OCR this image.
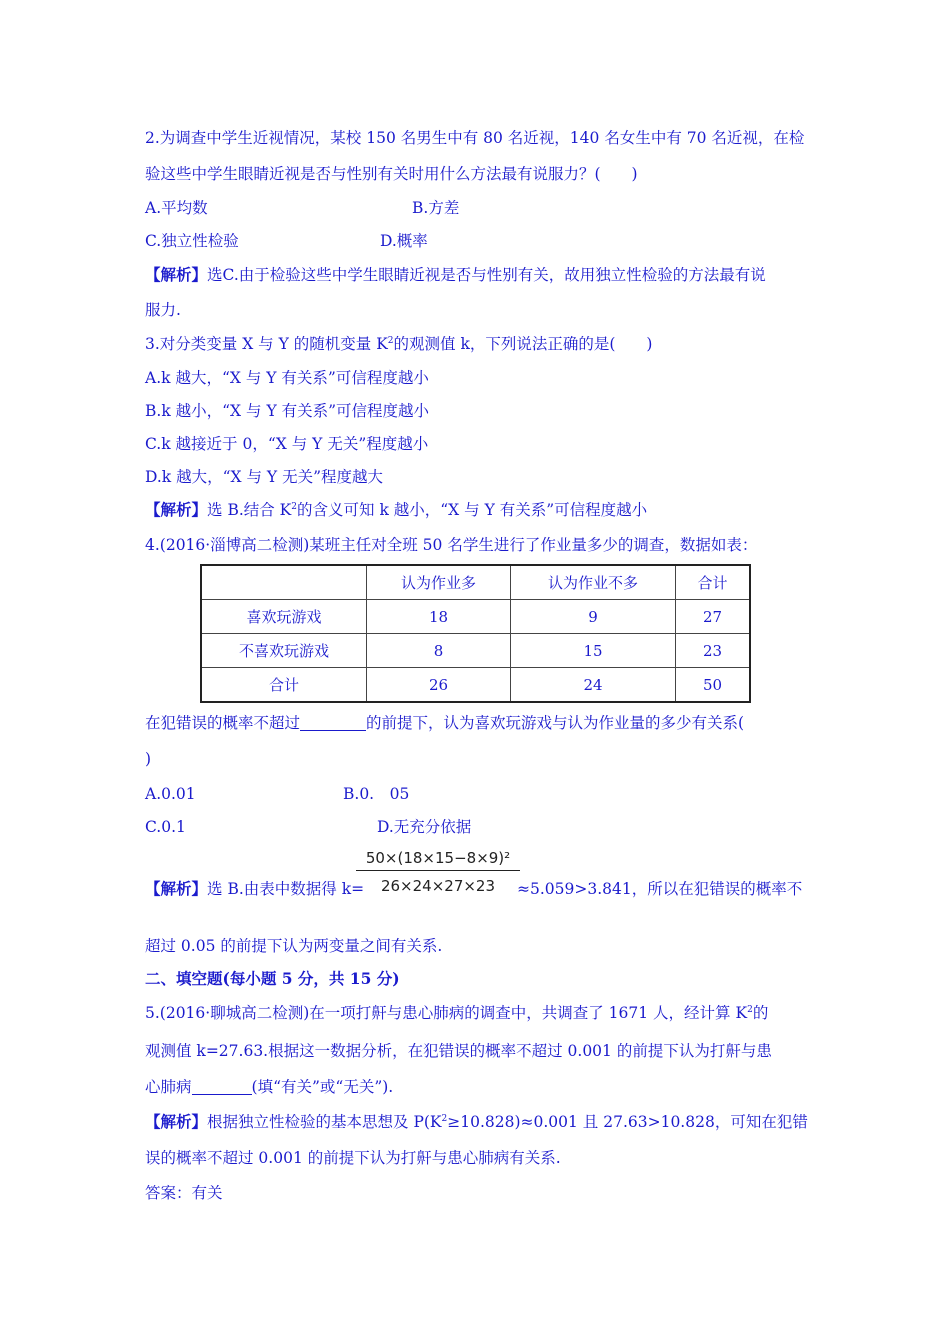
2.为调查中学生近视情况，某校 150 名男生中有 80 名近视，140 名女生中有 70 名近视，在检
验这些中学生眼睛近视是否与性别有关时用什么方法最有说服力？(　　)
A.平均数	B.方差
C.独立性检验	D.概率
【解析】选C.由于检验这些中学生眼睛近视是否与性别有关，故用独立性检验的方法最有说
服力.
3.对分类变量 X 与 Y 的随机变量 $K^2$的观测值 k，下列说法正确的是(　　)
A.k 越大，“X 与 Y 有关系”可信程度越小
B.k 越小，“X 与 Y 有关系”可信程度越小
C.k 越接近于 0，“X 与 Y 无关”程度越小
D.k 越大，“X 与 Y 无关”程度越大
【解析】选 B.结合 $K^2$的含义可知 k 越小，“X 与 Y 有关系”可信程度越小
4.(2016·淄博高二检测)某班主任对全班 50 名学生进行了作业量多少的调查，数据如表：
	认为作业多	认为作业不多	合计
喜欢玩游戏	18	9	27
不喜欢玩游戏	8	15	23
合计	26	24	50
在犯错误的概率不超过	的前提下，认为喜欢玩游戏与认为作业量的多少有关系(
)
A.0.01	B.0.　05
C.0.1	D.无充分依据
$\frac{\text{50×(18×15−8×9)²}}{26\times 24\times 27\times 23}$
【解析】选 B.由表中数据得 k=	≈5.059>3.841，所以在犯错误的概率不
超过 0.05 的前提下认为两变量之间有关系.
二、填空题(每小题 5 分，共 15 分)
5.(2016·聊城高二检测)在一项打鼾与患心肺病的调查中，共调查了 1671 人，经计算 $K^2$的
观测值 k=27.63.根据这一数据分析，在犯错误的概率不超过 0.001 的前提下认为打鼾与患
心肺病	(填“有关”或“无关”).
【解析】根据独立性检验的基本思想及 $P(K^2\ge 10.828)\approx 0.001$ 且 27.63>10.828，可知在犯错
误的概率不超过 0.001 的前提下认为打鼾与患心肺病有关系.
答案：有关
